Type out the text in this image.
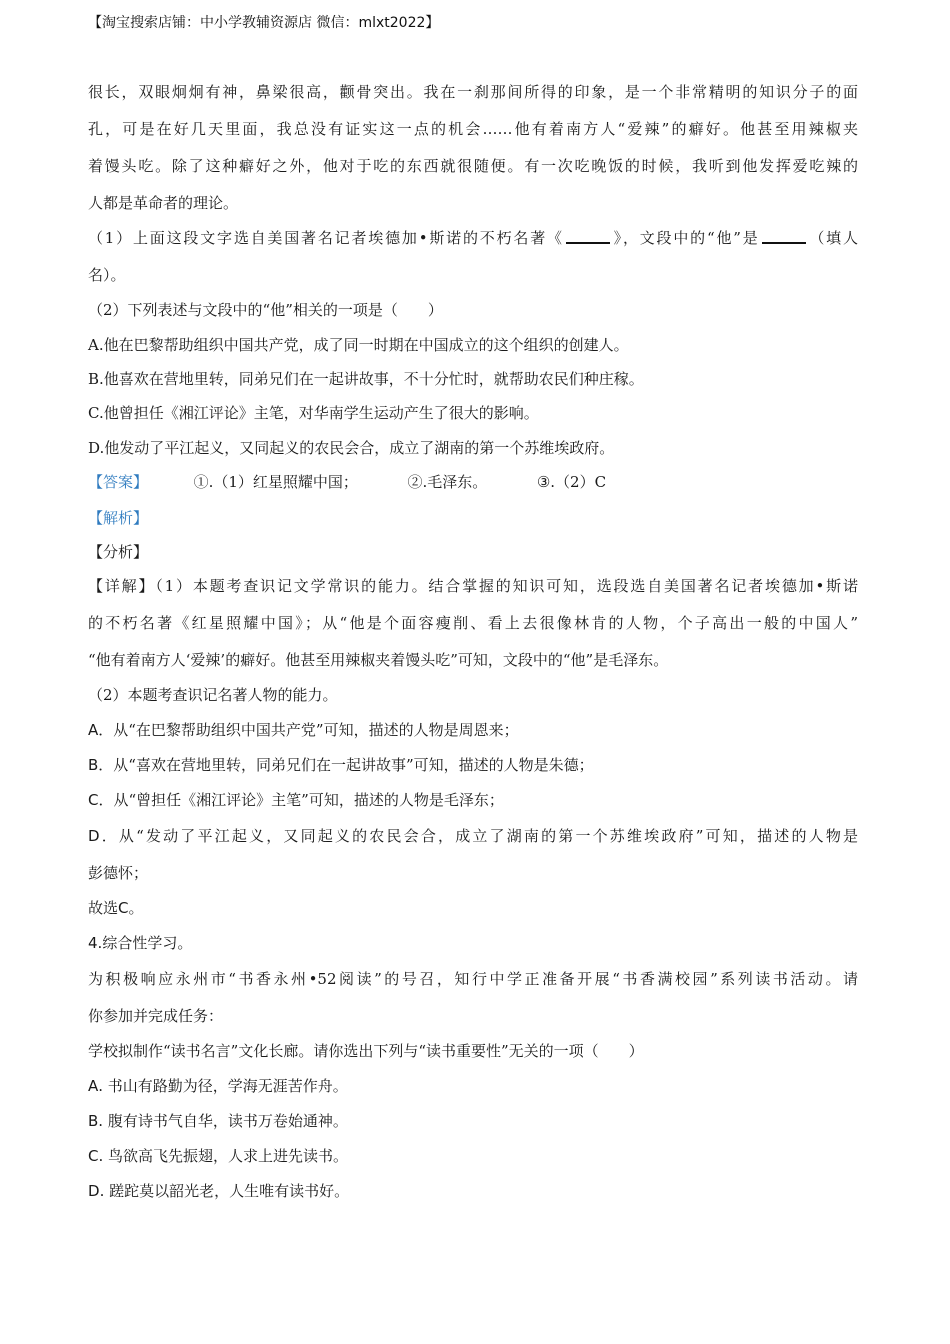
【淘宝搜索店铺：中小学教辅资源店 微信：mlxt2022】
很长，双眼炯炯有神，鼻梁很高，颧骨突出。我在一刹那间所得的印象，是一个非常精明的知识分子的面
孔，可是在好几天里面，我总没有证实这一点的机会……他有着南方人“爱辣”的癖好。他甚至用辣椒夹
着馒头吃。除了这种癖好之外，他对于吃的东西就很随便。有一次吃晚饭的时候，我听到他发挥爱吃辣的
人都是革命者的理论。
（1）上面这段文字选自美国著名记者埃德加•斯诺的不朽名著《	》，文段中的“他”是	（填人
名）。
（2）下列表述与文段中的“他”相关的一项是（　　）
A.他在巴黎帮助组织中国共产党，成了同一时期在中国成立的这个组织的创建人。
B.他喜欢在营地里转，同弟兄们在一起讲故事，不十分忙时，就帮助农民们种庄稼。
C.他曾担任《湘江评论》主笔，对华南学生运动产生了很大的影响。
D.他发动了平江起义，又同起义的农民会合，成立了湖南的第一个苏维埃政府。
【答案】	①.（1）红星照耀中国；	②.毛泽东。	③.（2）C
【解析】
【分析】
【详解】（1）本题考查识记文学常识的能力。结合掌握的知识可知，选段选自美国著名记者埃德加•斯诺
的不朽名著《红星照耀中国》；从“他是个面容瘦削、看上去很像林肯的人物，个子高出一般的中国人”
“他有着南方人‘爱辣’的癖好。他甚至用辣椒夹着馒头吃”可知，文段中的“他”是毛泽东。
（2）本题考查识记名著人物的能力。
A．从“在巴黎帮助组织中国共产党”可知，描述的人物是周恩来；
B．从“喜欢在营地里转，同弟兄们在一起讲故事”可知，描述的人物是朱德；
C．从“曾担任《湘江评论》主笔”可知，描述的人物是毛泽东；
D．从“发动了平江起义，又同起义的农民会合，成立了湖南的第一个苏维埃政府”可知，描述的人物是
彭德怀；
故选C。
4.综合性学习。
为积极响应永州市“书香永州•52阅读”的号召，知行中学正准备开展“书香满校园”系列读书活动。请
你参加并完成任务：
学校拟制作“读书名言”文化长廊。请你选出下列与“读书重要性”无关的一项（　　）
A. 书山有路勤为径，学海无涯苦作舟。
B. 腹有诗书气自华，读书万卷始通神。
C. 鸟欲高飞先振翅，人求上进先读书。
D. 蹉跎莫以韶光老，人生唯有读书好。
